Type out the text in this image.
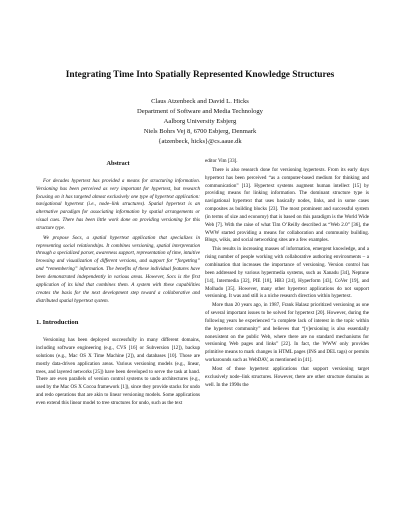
Integrating Time Into Spatially Represented Knowledge Structures
Claus Atzenbeck and David L. Hicks
Department of Software and Media Technology
Aalborg University Esbjerg
Niels Bohrs Vej 8, 6700 Esbjerg, Denmark
{atzenbeck, hicks}@cs.aaue.dk
Abstract

For decades hypertext has provided a means for structuring information. Versioning has been perceived as very important for hypertext, but research focusing on it has targeted almost exclusively one type of hypertext application: navigational hypertext (i.e., node–link structures). Spatial hypertext is an alternative paradigm for associating information by spatial arrangements or visual cues. There has been little work done on providing versioning for this structure type.

We propose Socs, a spatial hypertext application that specializes in representing social relationships. It combines versioning, spatial interpretation through a specialized parser, awareness support, representation of time, intuitive browsing and visualization of different versions, and support for “forgetting” and “remembering” information. The benefits of these individual features have been demonstrated independently in various areas. However, Socs is the first application of its kind that combines them. A system with these capabilities creates the basis for the next development step toward a collaborative and distributed spatial hypertext system.

1. Introduction

Versioning has been deployed successfully in many different domains, including software engineering (e.g., CVS [16] or Subversion [12]), backup solutions (e.g., Mac OS X Time Machine [2]), and databases [10]. Those are mostly data-driven application areas. Various versioning models (e.g., linear, trees, and layered networks [25]) have been developed to serve the task at hand. There are even parallels of version control systems to undo architectures (e.g., used by the Mac OS X Cocoa framework [1]), since they provide stacks for undo and redo operations that are akin to linear versioning models. Some applications even extend this linear model to tree structures for undo, such as the text

editor Vim [33].

There is also research done for versioning hypertexts. From its early days hypertext has been perceived “as a computer-based medium for thinking and communication” [13]. Hypertext systems augment human intellect [15] by providing means for linking information. The dominant structure type is navigational hypertext that uses basically nodes, links, and in some cases composites as building blocks [23]. The most prominent and successful system (in terms of size and economy) that is based on this paradigm is the World Wide Web [7]. With the raise of what Tim O’Reilly described as “Web 2.0” [36], the WWW started providing a means for collaboration and community building. Blogs, wikis, and social networking sites are a few examples.

This results in increasing masses of information, emergent knowledge, and a rising number of people working with collaborative authoring environments – a combination that increases the importance of versioning. Version control has been addressed by various hypermedia systems, such as Xanadu [34], Neptune [14], Intermedia [32], PIE [18], HB3 [24], Hyperform [43], CoVer [19], and Molhado [35]. However, many other hypertext applications do not support versioning. It was and still is a niche research direction within hypertext.

More than 20 years ago, in 1987, Frank Halasz prioritized versioning as one of several important issues to be solved for hypertext [20]. However, during the following years he experienced “a complete lack of interest in the topic within the hypertext community” and believes that “[v]ersioning is also essentially nonexistent on the public Web, where there are no standard mechanisms for versioning Web pages and links” [22]. In fact, the WWW only provides primitive means to mark changes in HTML pages (INS and DEL tags) or permits workarounds such as WebDAV, as mentioned in [41].

Most of those hypertext applications that support versioning target exclusively node–link structures. However, there are other structure domains as well. In the 1990s the
